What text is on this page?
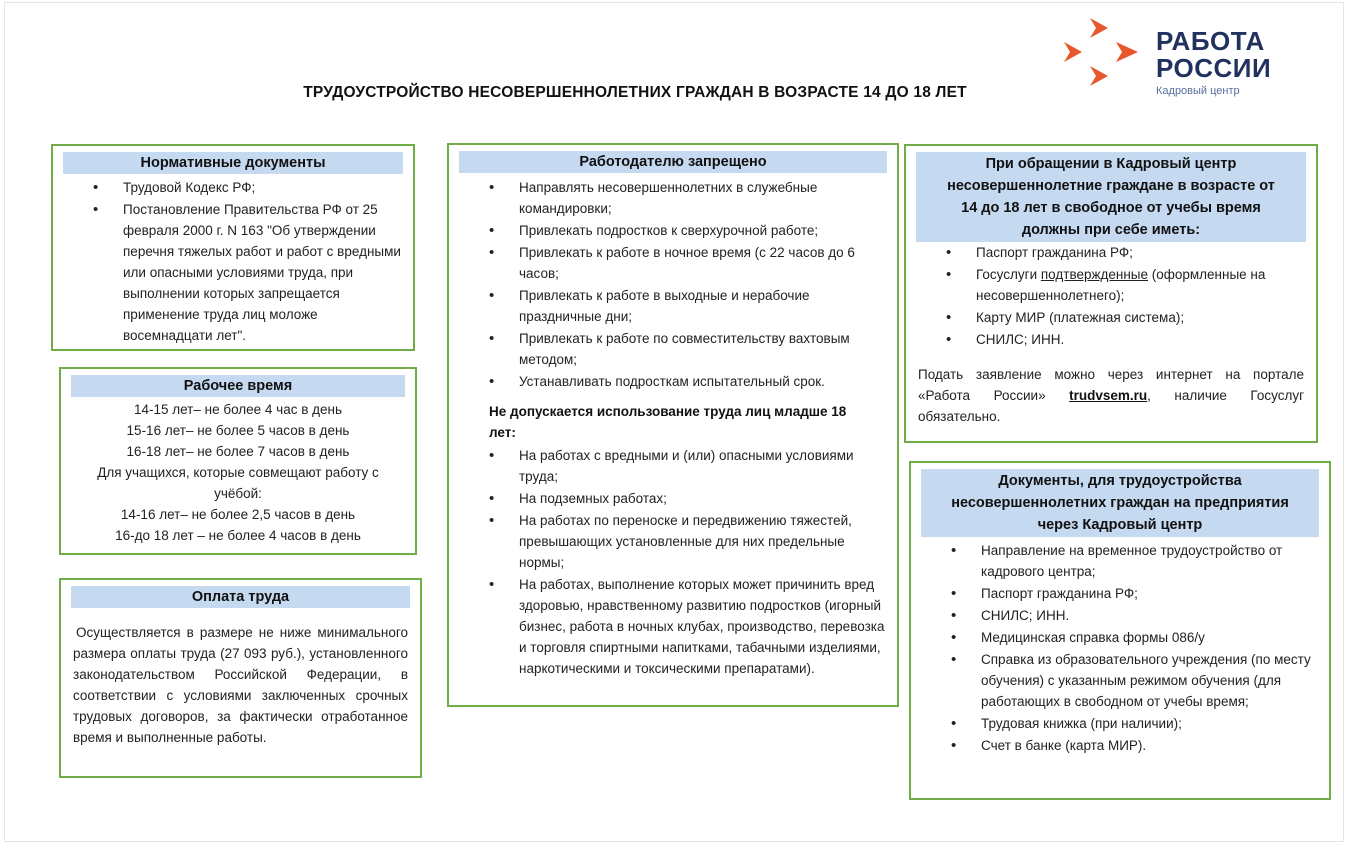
РАБОТА
РОССИИ
Кадровый центр
ТРУДОУСТРОЙСТВО НЕСОВЕРШЕННОЛЕТНИХ ГРАЖДАН В ВОЗРАСТЕ 14 ДО 18 ЛЕТ
Нормативные документы
• Трудовой Кодекс РФ;
• Постановление Правительства РФ от 25 февраля 2000 г. N 163 "Об утверждении перечня тяжелых работ и работ с вредными или опасными условиями труда, при выполнении которых запрещается применение труда лиц моложе восемнадцати лет".
Рабочее время
14-15 лет– не более 4 час в день
15-16 лет– не более 5 часов в день
16-18 лет– не более 7 часов в день
Для учащихся, которые совмещают работу с учёбой:
14-16 лет– не более 2,5 часов в день
16-до 18 лет – не более 4 часов в день
Оплата труда
Осуществляется в размере не ниже минимального размера оплаты труда (27 093 руб.), установленного законодательством Российской Федерации, в соответствии с условиями заключенных срочных трудовых договоров, за фактически отработанное время и выполненные работы.
Работодателю запрещено
• Направлять несовершеннолетних в служебные командировки;
• Привлекать подростков к сверхурочной работе;
• Привлекать к работе в ночное время (с 22 часов до 6 часов;
• Привлекать к работе в выходные и нерабочие праздничные дни;
• Привлекать к работе по совместительству вахтовым методом;
• Устанавливать подросткам испытательный срок.
Не допускается использование труда лиц младше 18 лет:
• На работах с вредными и (или) опасными условиями труда;
• На подземных работах;
• На работах по переноске и передвижению тяжестей, превышающих установленные для них предельные нормы;
• На работах, выполнение которых может причинить вред здоровью, нравственному развитию подростков (игорный бизнес, работа в ночных клубах, производство, перевозка и торговля спиртными напитками, табачными изделиями, наркотическими и токсическими препаратами).
При обращении в Кадровый центр несовершеннолетние граждане в возрасте от 14 до 18 лет в свободное от учебы время должны при себе иметь:
• Паспорт гражданина РФ;
• Госуслуги подтвержденные (оформленные на несовершеннолетнего);
• Карту МИР (платежная система);
• СНИЛС; ИНН.
Подать заявление можно через интернет на портале «Работа России» trudvsem.ru, наличие Госуслуг обязательно.
Документы, для трудоустройства несовершеннолетних граждан на предприятия через Кадровый центр
• Направление на временное трудоустройство от кадрового центра;
• Паспорт гражданина РФ;
• СНИЛС; ИНН.
• Медицинская справка формы 086/у
• Справка из образовательного учреждения (по месту обучения) с указанным режимом обучения (для работающих в свободном от учебы время;
• Трудовая книжка (при наличии);
• Счет в банке (карта МИР).
